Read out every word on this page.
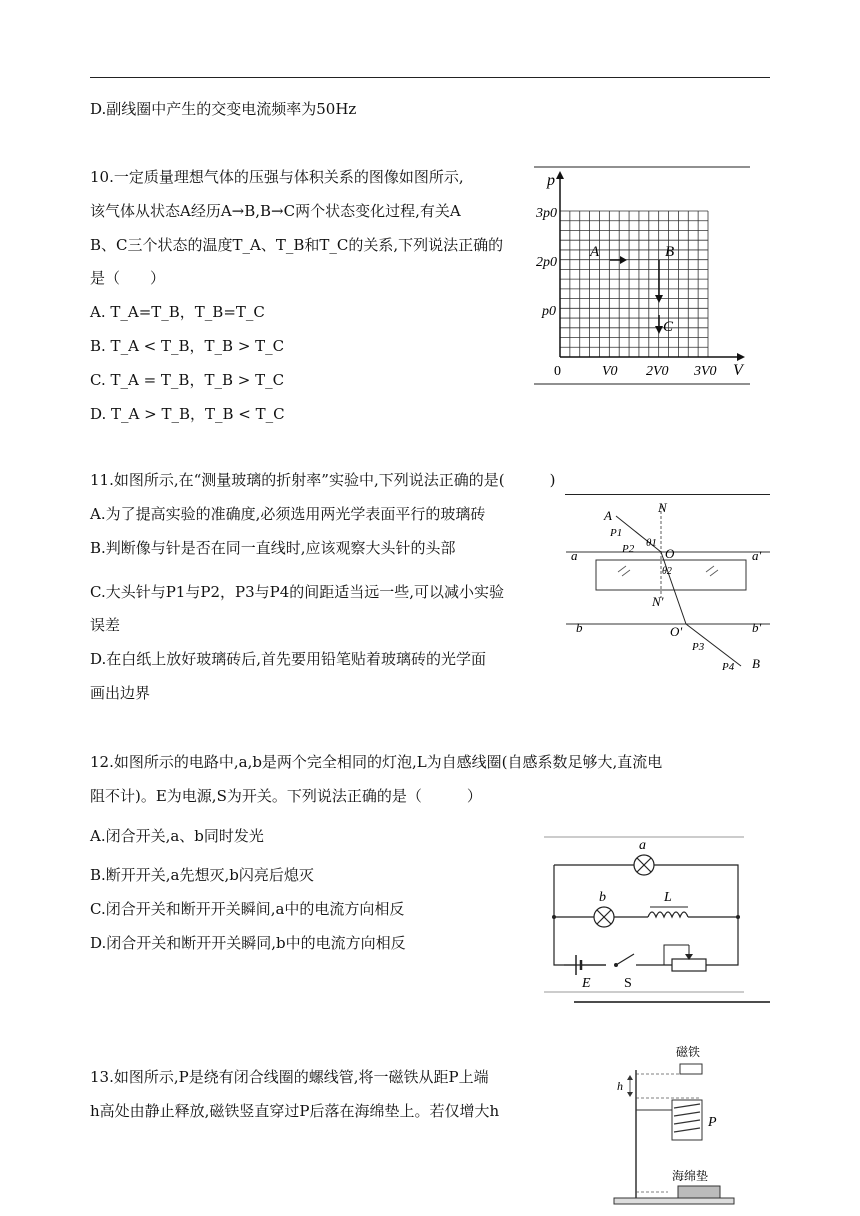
D.副线圈中产生的交变电流频率为50Hz
10.一定质量理想气体的压强与体积关系的图像如图所示,
该气体从状态A经历A→B,B→C两个状态变化过程,有关A
B、C三个状态的温度T_A、T_B和T_C的关系,下列说法正确的
是（　　）
A. T_A=T_B，T_B=T_C
B. T_A < T_B，T_B > T_C
C. T_A = T_B，T_B > T_C
D. T_A > T_B，T_B < T_C
p
V
3p0
2p0
p0
0	V0 2V0 3V0
A	B
C
11.如图所示,在“测量玻璃的折射率”实验中,下列说法正确的是(　　　)
A.为了提高实验的准确度,必须选用两光学表面平行的玻璃砖
B.判断像与针是否在同一直线时,应该观察大头针的头部
C.大头针与P1与P2，P3与P4的间距适当远一些,可以减小实验
误差
D.在白纸上放好玻璃砖后,首先要用铅笔贴着玻璃砖的光学面
画出边界
A
N
P1
θ1
P2 O
a	a'
θ2
N'
b	O'	b'
P3
P4 B
12.如图所示的电路中,a,b是两个完全相同的灯泡,L为自感线圈(自感系数足够大,直流电
阻不计)。E为电源,S为开关。下列说法正确的是（　　　）
A.闭合开关,a、b同时发光
B.断开开关,a先想灭,b闪亮后熄灭
C.闭合开关和断开开关瞬间,a中的电流方向相反
D.闭合开关和断开开关瞬同,b中的电流方向相反
a
b	L
E S
13.如图所示,P是绕有闭合线圈的螺线管,将一磁铁从距P上端
h高处由静止释放,磁铁竖直穿过P后落在海绵垫上。若仅增大h
磁铁
h
P
海绵垫
